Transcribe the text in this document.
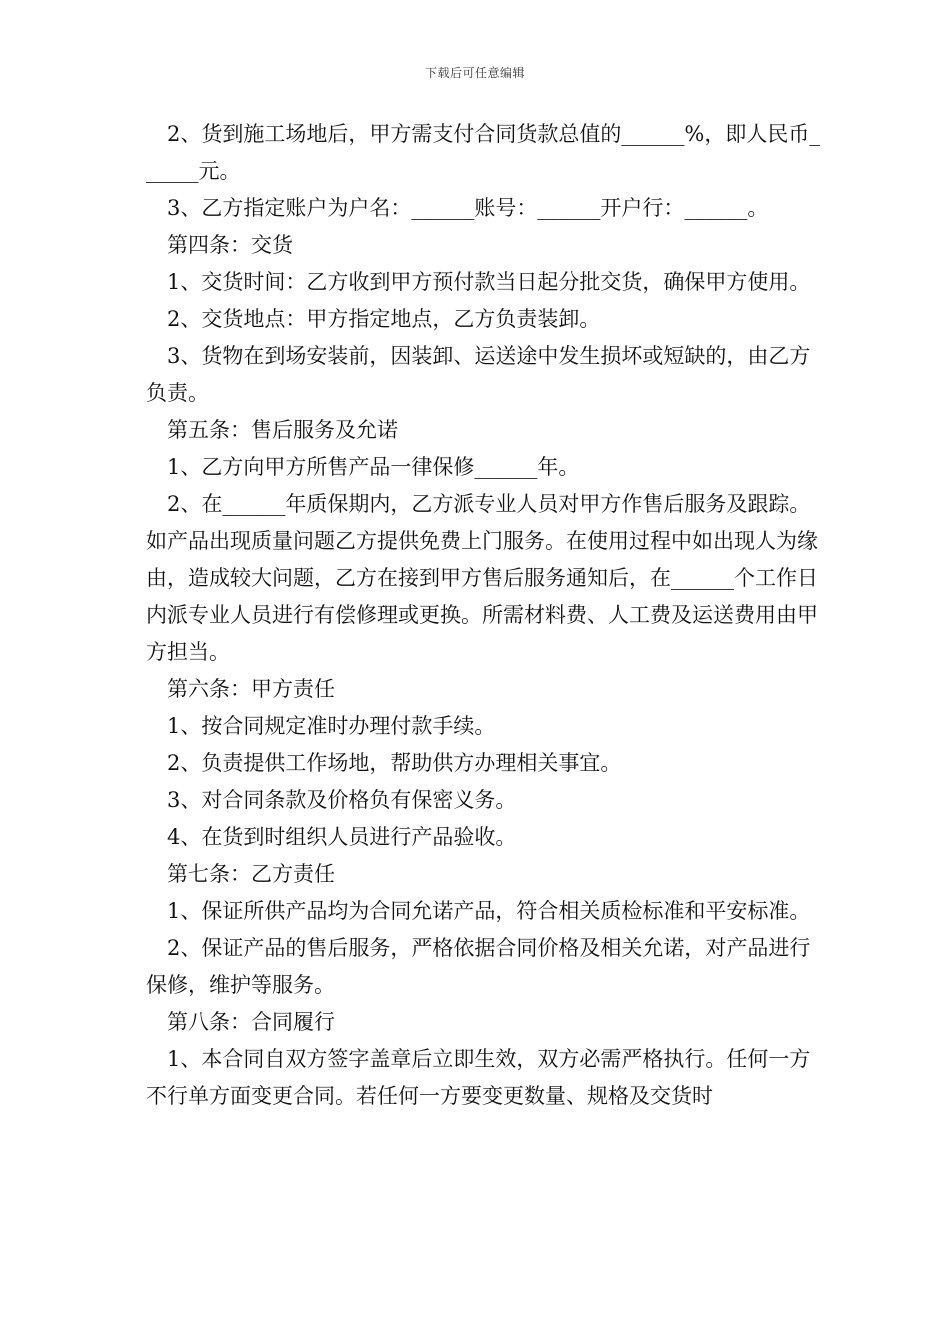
下载后可任意编辑

2、货到施工场地后，甲方需支付合同货款总值的______%，即人民币______元。

3、乙方指定账户为户名：______账号：______开户行：______。

第四条：交货

1、交货时间：乙方收到甲方预付款当日起分批交货，确保甲方使用。

2、交货地点：甲方指定地点，乙方负责装卸。

3、货物在到场安装前，因装卸、运送途中发生损坏或短缺的，由乙方负责。

第五条：售后服务及允诺

1、乙方向甲方所售产品一律保修______年。

2、在______年质保期内，乙方派专业人员对甲方作售后服务及跟踪。如产品出现质量问题乙方提供免费上门服务。在使用过程中如出现人为缘由，造成较大问题，乙方在接到甲方售后服务通知后，在______个工作日内派专业人员进行有偿修理或更换。所需材料费、人工费及运送费用由甲方担当。

第六条：甲方责任

1、按合同规定准时办理付款手续。

2、负责提供工作场地，帮助供方办理相关事宜。

3、对合同条款及价格负有保密义务。

4、在货到时组织人员进行产品验收。

第七条：乙方责任

1、保证所供产品均为合同允诺产品，符合相关质检标准和平安标准。

2、保证产品的售后服务，严格依据合同价格及相关允诺，对产品进行保修，维护等服务。

第八条：合同履行

1、本合同自双方签字盖章后立即生效，双方必需严格执行。任何一方不行单方面变更合同。若任何一方要变更数量、规格及交货时
